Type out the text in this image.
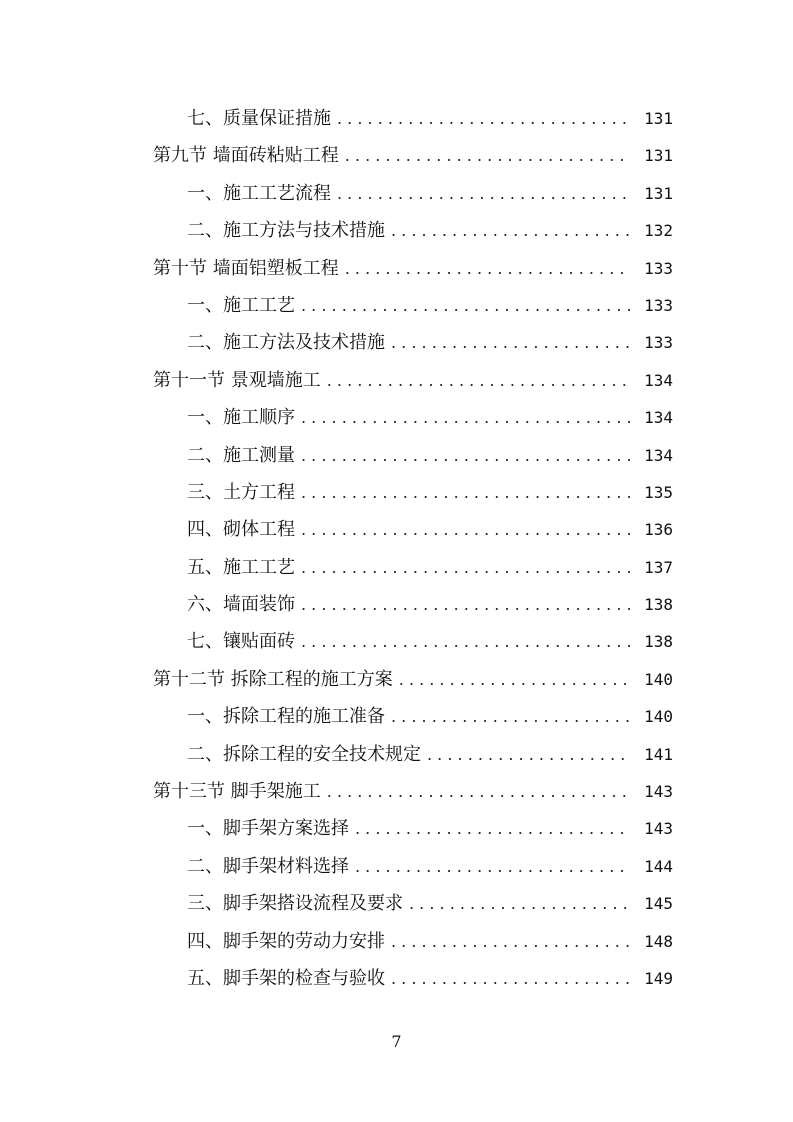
七、质量保证措施 . . .	131
第九节 墙面砖粘贴工程 . . .	131
一、施工工艺流程 . . .	131
二、施工方法与技术措施 . . .	132
第十节 墙面铝塑板工程 . . .	133
一、施工工艺 . . .	133
二、施工方法及技术措施 . . .	133
第十一节 景观墙施工 . . .	134
一、施工顺序 . . .	134
二、施工测量 . . .	134
三、土方工程 . . .	135
四、砌体工程 . . .	136
五、施工工艺 . . .	137
六、墙面装饰 . . .	138
七、镶贴面砖 . . .	138
第十二节 拆除工程的施工方案 . . .	140
一、拆除工程的施工准备 . . .	140
二、拆除工程的安全技术规定 . . .	141
第十三节 脚手架施工 . . .	143
一、脚手架方案选择 . . .	143
二、脚手架材料选择 . . .	144
三、脚手架搭设流程及要求 . . .	145
四、脚手架的劳动力安排 . . .	148
五、脚手架的检查与验收 . . .	149
7
